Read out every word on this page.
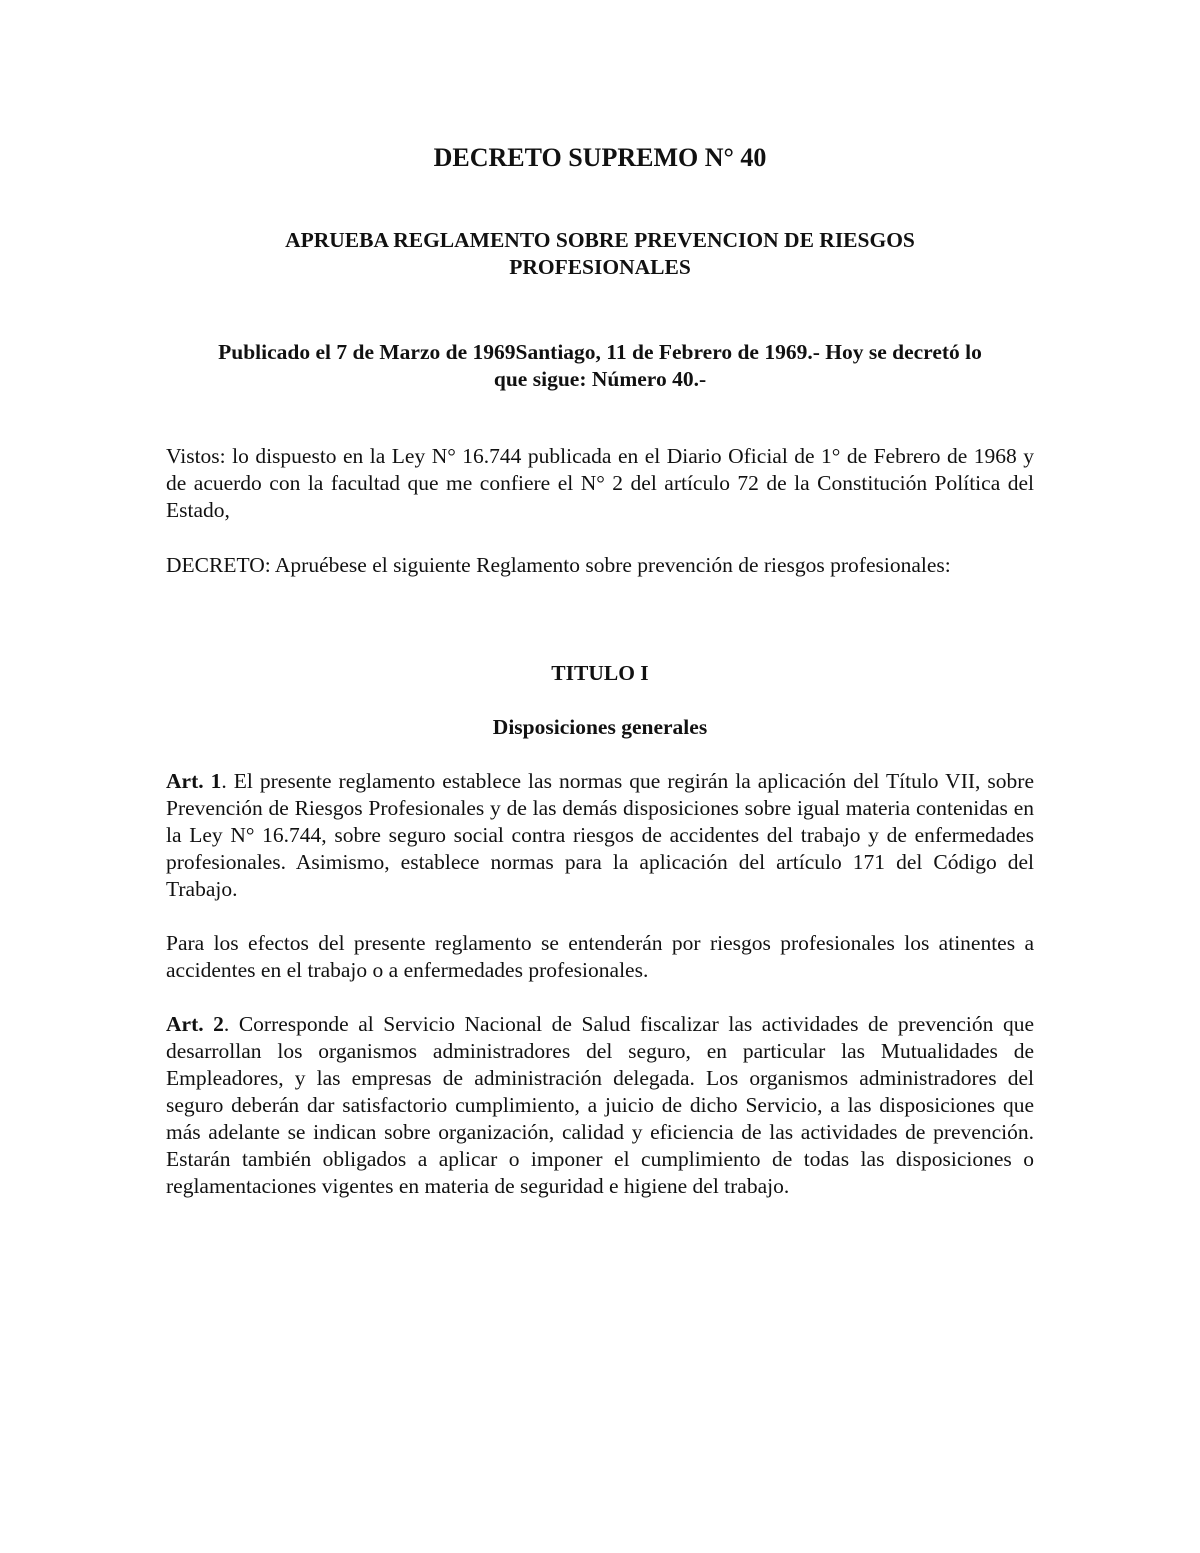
DECRETO SUPREMO N° 40
APRUEBA REGLAMENTO SOBRE PREVENCION DE RIESGOS
PROFESIONALES
Publicado el 7 de Marzo de 1969Santiago, 11 de Febrero de 1969.- Hoy se decretó lo
que sigue: Número 40.-

Vistos: lo dispuesto en la Ley N° 16.744 publicada en el Diario Oficial de 1° de Febrero de 1968 y de acuerdo con la facultad que me confiere el N° 2 del artículo 72 de la Constitución Política del Estado,

DECRETO: Apruébese el siguiente Reglamento sobre prevención de riesgos profesionales:

TITULO I
Disposiciones generales

Art. 1. El presente reglamento establece las normas que regirán la aplicación del Título VII, sobre Prevención de Riesgos Profesionales y de las demás disposiciones sobre igual materia contenidas en la Ley N° 16.744, sobre seguro social contra riesgos de accidentes del trabajo y de enfermedades profesionales. Asimismo, establece normas para la aplicación del artículo 171 del Código del Trabajo.

Para los efectos del presente reglamento se entenderán por riesgos profesionales los atinentes a accidentes en el trabajo o a enfermedades profesionales.

Art. 2. Corresponde al Servicio Nacional de Salud fiscalizar las actividades de prevención que desarrollan los organismos administradores del seguro, en particular las Mutualidades de Empleadores, y las empresas de administración delegada. Los organismos administradores del seguro deberán dar satisfactorio cumplimiento, a juicio de dicho Servicio, a las disposiciones que más adelante se indican sobre organización, calidad y eficiencia de las actividades de prevención. Estarán también obligados a aplicar o imponer el cumplimiento de todas las disposiciones o reglamentaciones vigentes en materia de seguridad e higiene del trabajo.
